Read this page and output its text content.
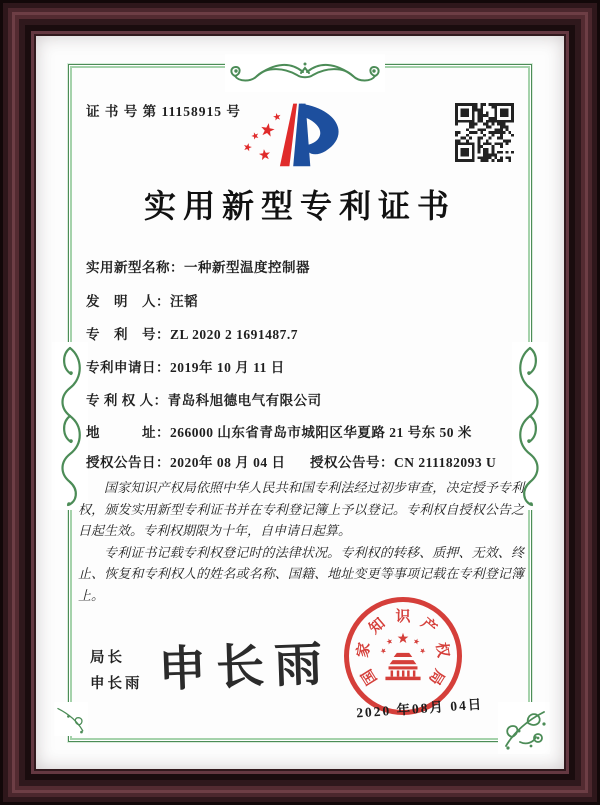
证 书 号 第 11158915 号
实用新型专利证书
实用新型名称：一种新型温度控制器
发　明　人：汪韬
专　利　号：ZL 2020 2 1691487.7
专利申请日：2019年 10 月 11 日
专 利 权 人：青岛科旭德电气有限公司
地　　　址：266000 山东省青岛市城阳区华夏路 21 号东 50 米
授权公告日：2020年 08 月 04 日 授权公告号：CN 211182093 U

国家知识产权局依照中华人民共和国专利法经过初步审查，决定授予专利权，颁发实用新型专利证书并在专利登记簿上予以登记。专利权自授权公告之日起生效。专利权期限为十年，自申请日起算。

专利证书记载专利权登记时的法律状况。专利权的转移、质押、无效、终止、恢复和专利权人的姓名或名称、国籍、地址变更等事项记载在专利登记簿上。

局长
申长雨 申长雨 国
家
知 识 产
权
局
2020 年08月 04日
